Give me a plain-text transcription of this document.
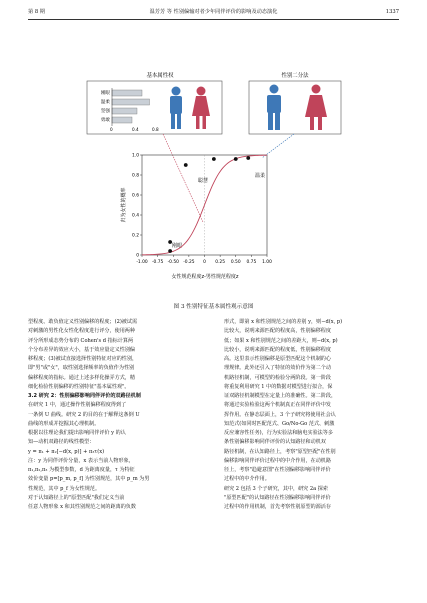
第 8 期	温芳芳 等 性别偏输对者少年同伴评价的影响及动态演化	1337
基本属性权
刚眼
温柔
坚强
勇敢
0	0.4	0.8
性别二分法
归为女性的概率
女性规范程度z-男性规范程度z
聪慧
温柔
刚眼
-1.00 -0.75 -0.50 -0.25 0 0.25 0.50 0.75 1.00
0
0.2
0.4
0.6
0.8
1.0
图 3 性别特征基本属性观示意图
型程度、敢负值定义性别偏移的程度；(2)被试需
对刺激的男性化女性化程度进行评分，使用两种
评分所形成态势分布的 Cohen's d 指标计算两
个分布差异的效应大小，基于效应量定义性别偏
移程度；(3)被试直接选择性别特征对应的性别，
即"男"或"女"，取性别选择频率的负值作为性别
偏移程度的指标。通过上述多样化操弄方式，精
细化检验性别偏移的性别特征"基本属性观"。
3.2 研究 2：性别偏移影响同伴评价的双路径机制
在研究 1 中，通过操作性别偏移程度得到了
一条倒 U 曲线。研究 2 的目的在于解释这条倒 U
曲线的形成并挖掘其心理机制。
根据以往理论我们提出影响同伴评价 y 的认
知—动机双路径的线性模型：
y = π₁ + π₂[−d(x, p)] + π₃τ(x)
注：y 为同伴评价分量，x 表示当前人物形象，
π₁,π₂,π₃ 为模型参数，d 为距离度量，τ 为特征
效价变量 p=[p_m, p_f] 为性别规范，其中 p_m 为男
性规范，其中 p_f 为女性规范。
对于认知路径上的"原型匹配"我们定义当前
任意人物形象 x 和其性别规范之间的距离的负数
形式，即第 x 和性别规范之间的差别 y，则−d(x, p)
比较大，说明来源匹配的程度高，性别偏移程度
低；如果 x 和性别规范之间的差距大，则−d(x, p)
比较小，说明来源匹配的程度低，性别偏移程度
高。这里表示性别偏移是原型匹配这个机制的心
理规律。此外还引入了特征的效价作为第二个动
机路径机制，可模型的检验分两阶段。第一阶段
将重复利用研究 1 中的数据对模型进行拟合，保
证双路径机制模型在定量上的准确性。第二阶段，
将通过实验检验这两个机制真正在同伴评价中发
挥作用。在静态层面上，3 个子研究将使用社会认
知范式(如同时匹配范式、Go/No-Go 范式、刺激
反应兼容性任务)，行为实验法和脑电实验法等多
条性别偏移影响同伴评价的认知路径和动机双
路径机制，在认知路径上，考察"原型匹配"在性别
偏移影响同伴评价过程中的中介作用，在动机路
径上，考察"趋避意图"在性别偏移影响同伴评价
过程中的中介作用。
研究 2 包括 3 个子研究，其中，研究 2a 探索
"原型匹配"的认知路径在性别偏移影响同伴评价
过程中的作用机制，首先考察性别原型的源活存
